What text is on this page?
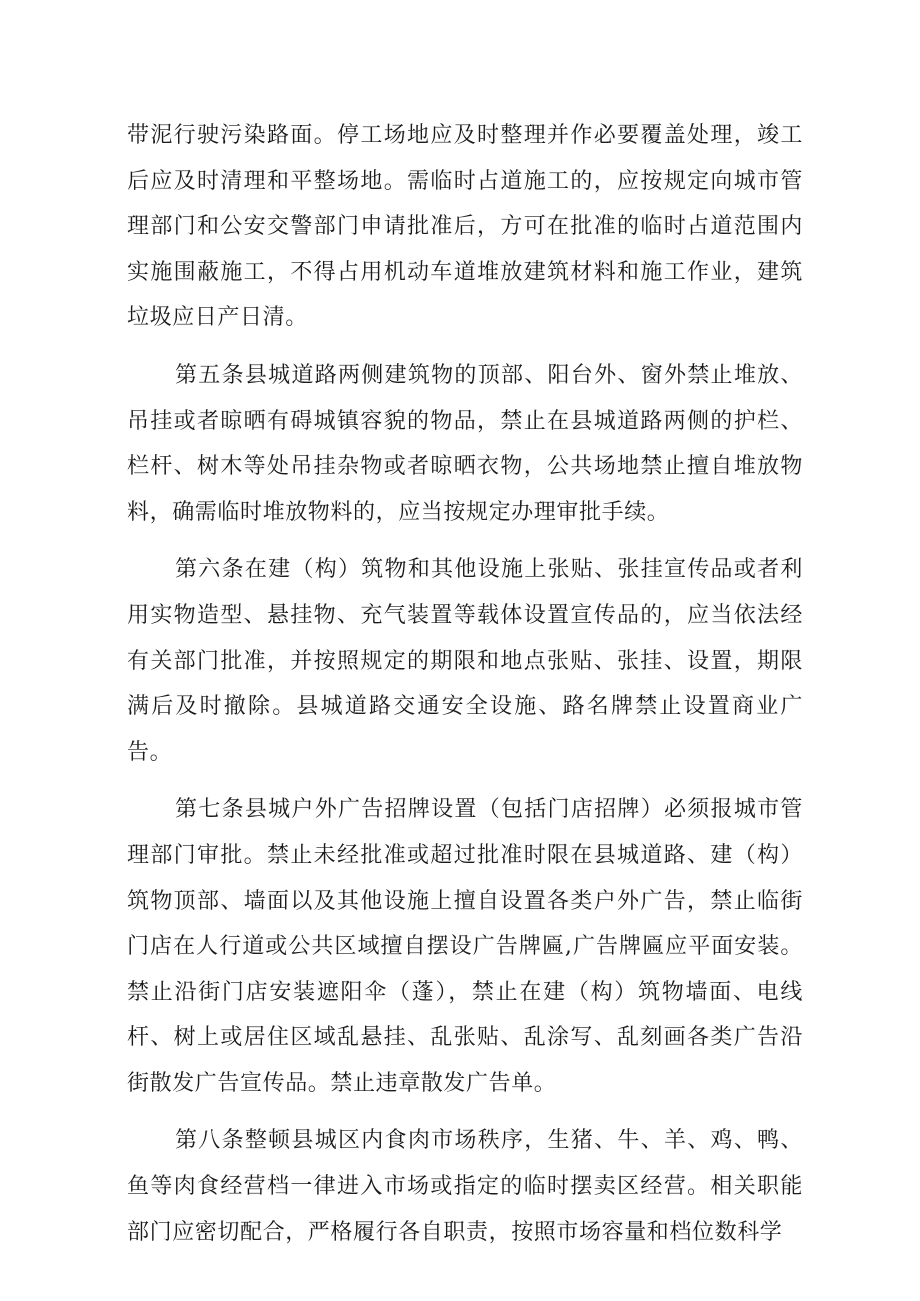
带泥行驶污染路面。停工场地应及时整理并作必要覆盖处理，竣工后应及时清理和平整场地。需临时占道施工的，应按规定向城市管理部门和公安交警部门申请批准后，方可在批准的临时占道范围内实施围蔽施工，不得占用机动车道堆放建筑材料和施工作业，建筑垃圾应日产日清。

第五条县城道路两侧建筑物的顶部、阳台外、窗外禁止堆放、吊挂或者晾晒有碍城镇容貌的物品，禁止在县城道路两侧的护栏、栏杆、树木等处吊挂杂物或者晾晒衣物，公共场地禁止擅自堆放物料，确需临时堆放物料的，应当按规定办理审批手续。

第六条在建（构）筑物和其他设施上张贴、张挂宣传品或者利用实物造型、悬挂物、充气装置等载体设置宣传品的，应当依法经有关部门批准，并按照规定的期限和地点张贴、张挂、设置，期限满后及时撤除。县城道路交通安全设施、路名牌禁止设置商业广告。

第七条县城户外广告招牌设置（包括门店招牌）必须报城市管理部门审批。禁止未经批准或超过批准时限在县城道路、建（构）筑物顶部、墙面以及其他设施上擅自设置各类户外广告，禁止临街门店在人行道或公共区域擅自摆设广告牌匾,广告牌匾应平面安装。禁止沿街门店安装遮阳伞（蓬），禁止在建（构）筑物墙面、电线杆、树上或居住区域乱悬挂、乱张贴、乱涂写、乱刻画各类广告沿街散发广告宣传品。禁止违章散发广告单。

第八条整顿县城区内食肉市场秩序，生猪、牛、羊、鸡、鸭、鱼等肉食经营档一律进入市场或指定的临时摆卖区经营。相关职能部门应密切配合，严格履行各自职责，按照市场容量和档位数科学
